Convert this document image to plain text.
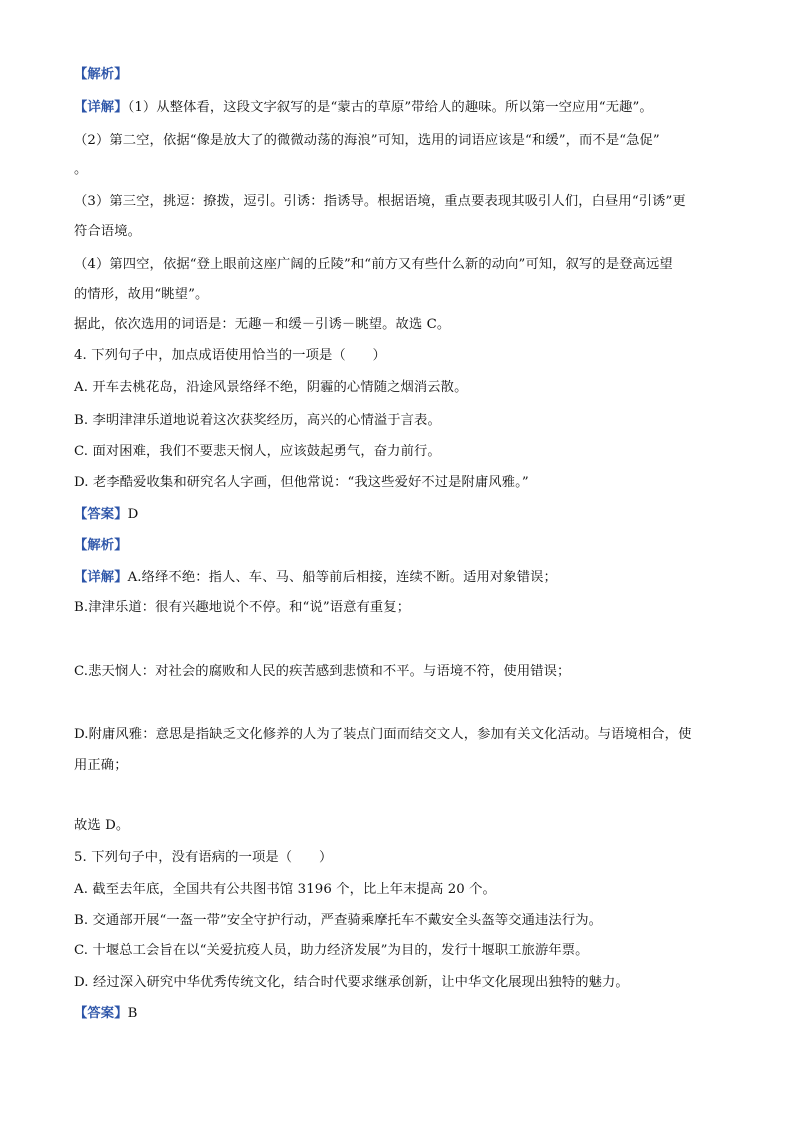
【解析】
【详解】（1）从整体看，这段文字叙写的是“蒙古的草原”带给人的趣味。所以第一空应用“无趣”。
（2）第二空，依据“像是放大了的微微动荡的海浪”可知，选用的词语应该是“和缓”，而不是“急促”
。
（3）第三空，挑逗：撩拨，逗引。引诱：指诱导。根据语境，重点要表现其吸引人们，白昼用“引诱”更
符合语境。
（4）第四空，依据“登上眼前这座广阔的丘陵”和“前方又有些什么新的动向”可知，叙写的是登高远望
的情形，故用“眺望”。
据此，依次选用的词语是：无趣－和缓－引诱－眺望。故选 C。
4. 下列句子中，加点成语使用恰当的一项是（　　）
A. 开车去桃花岛，沿途风景络绎不绝，阴霾的心情随之烟消云散。
B. 李明津津乐道地说着这次获奖经历，高兴的心情溢于言表。
C. 面对困难，我们不要悲天悯人，应该鼓起勇气，奋力前行。
D. 老李酷爱收集和研究名人字画，但他常说：“我这些爱好不过是附庸风雅。”
【答案】D
【解析】
【详解】A.络绎不绝：指人、车、马、船等前后相接，连续不断。适用对象错误；
B.津津乐道：很有兴趣地说个不停。和“说”语意有重复；
C.悲天悯人：对社会的腐败和人民的疾苦感到悲愤和不平。与语境不符，使用错误；
D.附庸风雅：意思是指缺乏文化修养的人为了装点门面而结交文人，参加有关文化活动。与语境相合，使
用正确；
故选 D。
5. 下列句子中，没有语病的一项是（　　）
A. 截至去年底，全国共有公共图书馆 3196 个，比上年末提高 20 个。
B. 交通部开展“一盔一带”安全守护行动，严查骑乘摩托车不戴安全头盔等交通违法行为。
C. 十堰总工会旨在以“关爱抗疫人员，助力经济发展”为目的，发行十堰职工旅游年票。
D. 经过深入研究中华优秀传统文化，结合时代要求继承创新，让中华文化展现出独特的魅力。
【答案】B
